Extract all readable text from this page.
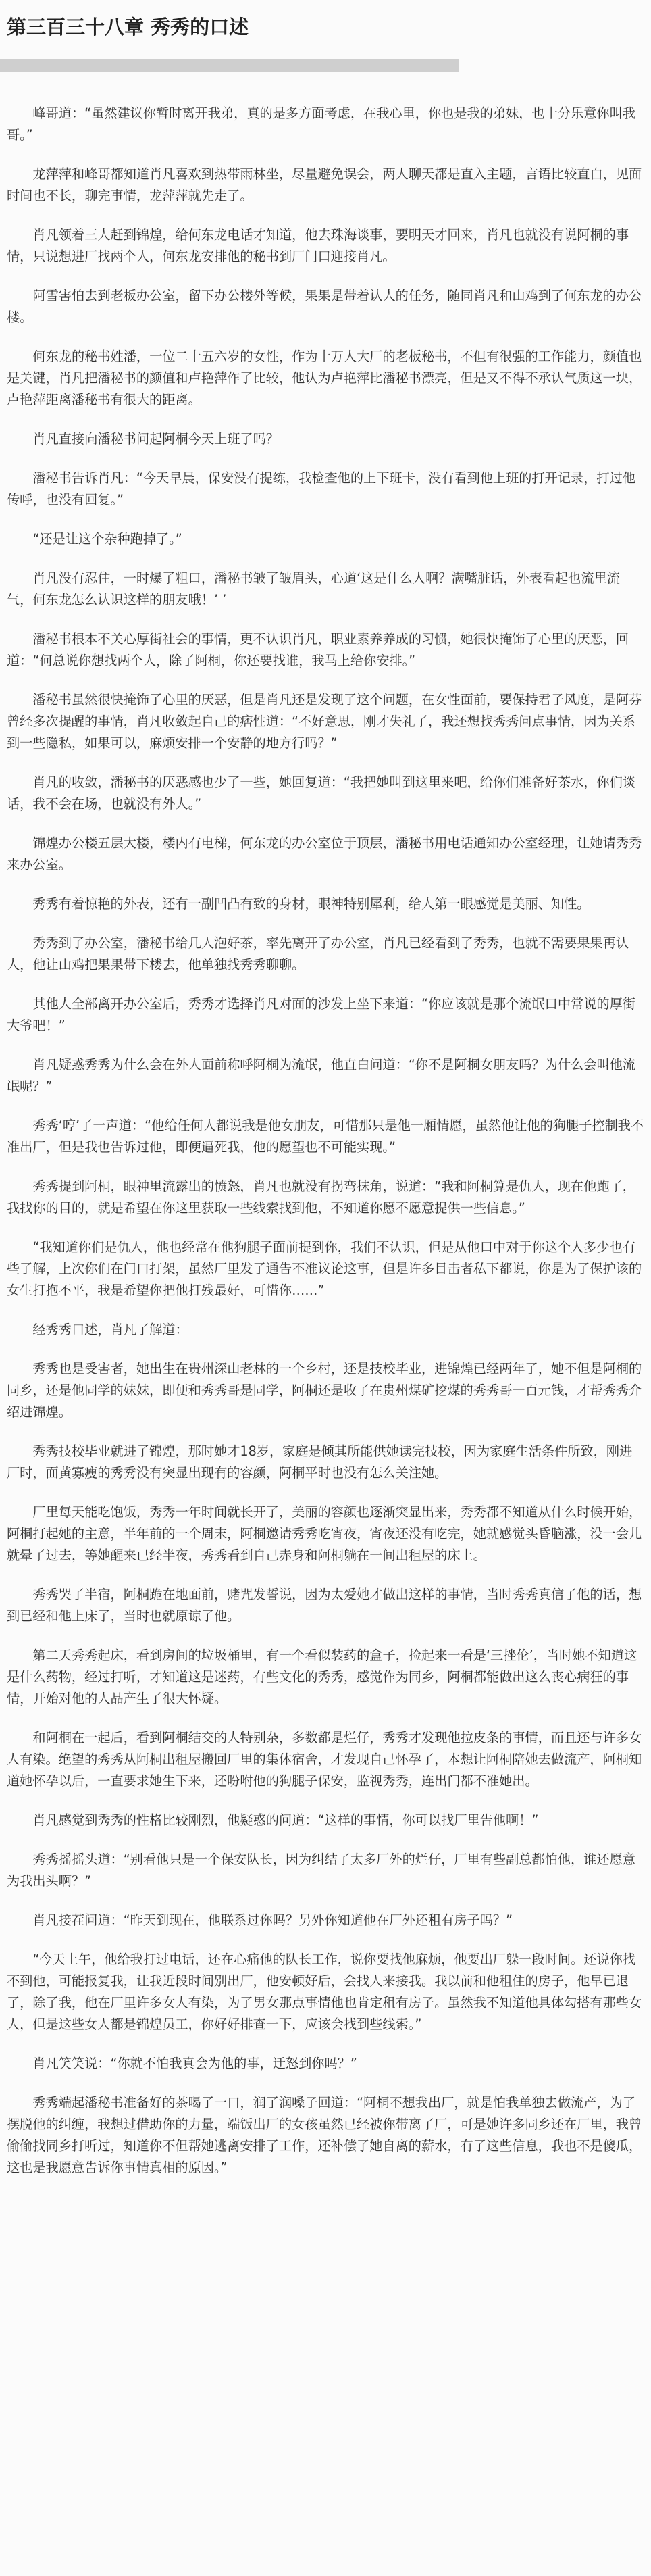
第三百三十八章 秀秀的口述

峰哥道：“虽然建议你暂时离开我弟，真的是多方面考虑，在我心里，你也是我的弟妹，也十分乐意你叫我哥。”

龙萍萍和峰哥都知道肖凡喜欢到热带雨林坐，尽量避免误会，两人聊天都是直入主题，言语比较直白，见面时间也不长，聊完事情，龙萍萍就先走了。

肖凡领着三人赶到锦煌，给何东龙电话才知道，他去珠海谈事，要明天才回来，肖凡也就没有说阿桐的事情，只说想进厂找两个人，何东龙安排他的秘书到厂门口迎接肖凡。

阿雪害怕去到老板办公室，留下办公楼外等候，果果是带着认人的任务，随同肖凡和山鸡到了何东龙的办公楼。

何东龙的秘书姓潘，一位二十五六岁的女性，作为十万人大厂的老板秘书，不但有很强的工作能力，颜值也是关键，肖凡把潘秘书的颜值和卢艳萍作了比较，他认为卢艳萍比潘秘书漂亮，但是又不得不承认气质这一块，卢艳萍距离潘秘书有很大的距离。

肖凡直接向潘秘书问起阿桐今天上班了吗？

潘秘书告诉肖凡：“今天早晨，保安没有提练，我检查他的上下班卡，没有看到他上班的打开记录，打过他传呼，也没有回复。”

“还是让这个杂种跑掉了。”

肖凡没有忍住，一时爆了粗口，潘秘书皱了皱眉头，心道‘这是什么人啊？满嘴脏话，外表看起也流里流气，何东龙怎么认识这样的朋友哦！’ ’

潘秘书根本不关心厚街社会的事情，更不认识肖凡，职业素养养成的习惯，她很快掩饰了心里的厌恶，回道：“何总说你想找两个人，除了阿桐，你还要找谁，我马上给你安排。”

潘秘书虽然很快掩饰了心里的厌恶，但是肖凡还是发现了这个问题，在女性面前，要保持君子风度，是阿芬曾经多次提醒的事情，肖凡收敛起自己的痞性道：“不好意思，刚才失礼了，我还想找秀秀问点事情，因为关系到一些隐私，如果可以，麻烦安排一个安静的地方行吗？”

肖凡的收敛，潘秘书的厌恶感也少了一些，她回复道：“我把她叫到这里来吧，给你们准备好茶水，你们谈话，我不会在场，也就没有外人。”

锦煌办公楼五层大楼，楼内有电梯，何东龙的办公室位于顶层，潘秘书用电话通知办公室经理，让她请秀秀来办公室。

秀秀有着惊艳的外表，还有一副凹凸有致的身材，眼神特别犀利，给人第一眼感觉是美丽、知性。

秀秀到了办公室，潘秘书给几人泡好茶，率先离开了办公室，肖凡已经看到了秀秀，也就不需要果果再认人，他让山鸡把果果带下楼去，他单独找秀秀聊聊。

其他人全部离开办公室后，秀秀才选择肖凡对面的沙发上坐下来道：“你应该就是那个流氓口中常说的厚街大爷吧！”

肖凡疑惑秀秀为什么会在外人面前称呼阿桐为流氓，他直白问道：“你不是阿桐女朋友吗？为什么会叫他流氓呢？”

秀秀‘哼’了一声道：“他给任何人都说我是他女朋友，可惜那只是他一厢情愿，虽然他让他的狗腿子控制我不准出厂，但是我也告诉过他，即便逼死我，他的愿望也不可能实现。”

秀秀提到阿桐，眼神里流露出的愤怒，肖凡也就没有拐弯抹角，说道：“我和阿桐算是仇人，现在他跑了，我找你的目的，就是希望在你这里获取一些线索找到他，不知道你愿不愿意提供一些信息。”

“我知道你们是仇人，他也经常在他狗腿子面前提到你，我们不认识，但是从他口中对于你这个人多少也有些了解，上次你们在门口打架，虽然厂里发了通告不准议论这事，但是许多目击者私下都说，你是为了保护该的女生打抱不平，我是希望你把他打残最好，可惜你……”

经秀秀口述，肖凡了解道：

秀秀也是受害者，她出生在贵州深山老林的一个乡村，还是技校毕业，进锦煌已经两年了，她不但是阿桐的同乡，还是他同学的妹妹，即便和秀秀哥是同学，阿桐还是收了在贵州煤矿挖煤的秀秀哥一百元钱，才帮秀秀介绍进锦煌。

秀秀技校毕业就进了锦煌，那时她才18岁，家庭是倾其所能供她读完技校，因为家庭生活条件所致，刚进厂时，面黄寡瘦的秀秀没有突显出现有的容颜，阿桐平时也没有怎么关注她。

厂里每天能吃饱饭，秀秀一年时间就长开了，美丽的容颜也逐渐突显出来，秀秀都不知道从什么时候开始，阿桐打起她的主意，半年前的一个周末，阿桐邀请秀秀吃宵夜，宵夜还没有吃完，她就感觉头昏脑涨，没一会儿就晕了过去，等她醒来已经半夜，秀秀看到自己赤身和阿桐躺在一间出租屋的床上。

秀秀哭了半宿，阿桐跪在地面前，赌咒发誓说，因为太爱她才做出这样的事情，当时秀秀真信了他的话，想到已经和他上床了，当时也就原谅了他。

第二天秀秀起床，看到房间的垃圾桶里，有一个看似装药的盒子，捡起来一看是‘三挫伦’，当时她不知道这是什么药物，经过打听，才知道这是迷药，有些文化的秀秀，感觉作为同乡，阿桐都能做出这么丧心病狂的事情，开始对他的人品产生了很大怀疑。

和阿桐在一起后，看到阿桐结交的人特别杂，多数都是烂仔，秀秀才发现他拉皮条的事情，而且还与许多女人有染。绝望的秀秀从阿桐出租屋搬回厂里的集体宿舍，才发现自己怀孕了，本想让阿桐陪她去做流产，阿桐知道她怀孕以后，一直要求她生下来，还吩咐他的狗腿子保安，监视秀秀，连出门都不准她出。

肖凡感觉到秀秀的性格比较刚烈，他疑惑的问道：“这样的事情，你可以找厂里告他啊！”

秀秀摇摇头道：“别看他只是一个保安队长，因为纠结了太多厂外的烂仔，厂里有些副总都怕他，谁还愿意为我出头啊？”

肖凡接茬问道：“昨天到现在，他联系过你吗？另外你知道他在厂外还租有房子吗？”

“今天上午，他给我打过电话，还在心痛他的队长工作，说你要找他麻烦，他要出厂躲一段时间。还说你找不到他，可能报复我，让我近段时间别出厂，他安顿好后，会找人来接我。我以前和他租住的房子，他早已退了，除了我，他在厂里许多女人有染，为了男女那点事情他也肯定租有房子。虽然我不知道他具体勾搭有那些女人，但是这些女人都是锦煌员工，你好好排查一下，应该会找到些线索。”

肖凡笑笑说：“你就不怕我真会为他的事，迁怒到你吗？”

秀秀端起潘秘书准备好的茶喝了一口，润了润嗓子回道：“阿桐不想我出厂，就是怕我单独去做流产，为了摆脱他的纠缠，我想过借助你的力量，端饭出厂的女孩虽然已经被你带离了厂，可是她许多同乡还在厂里，我曾偷偷找同乡打听过，知道你不但帮她逃离安排了工作，还补偿了她自离的薪水，有了这些信息，我也不是傻瓜，这也是我愿意告诉你事情真相的原因。”
